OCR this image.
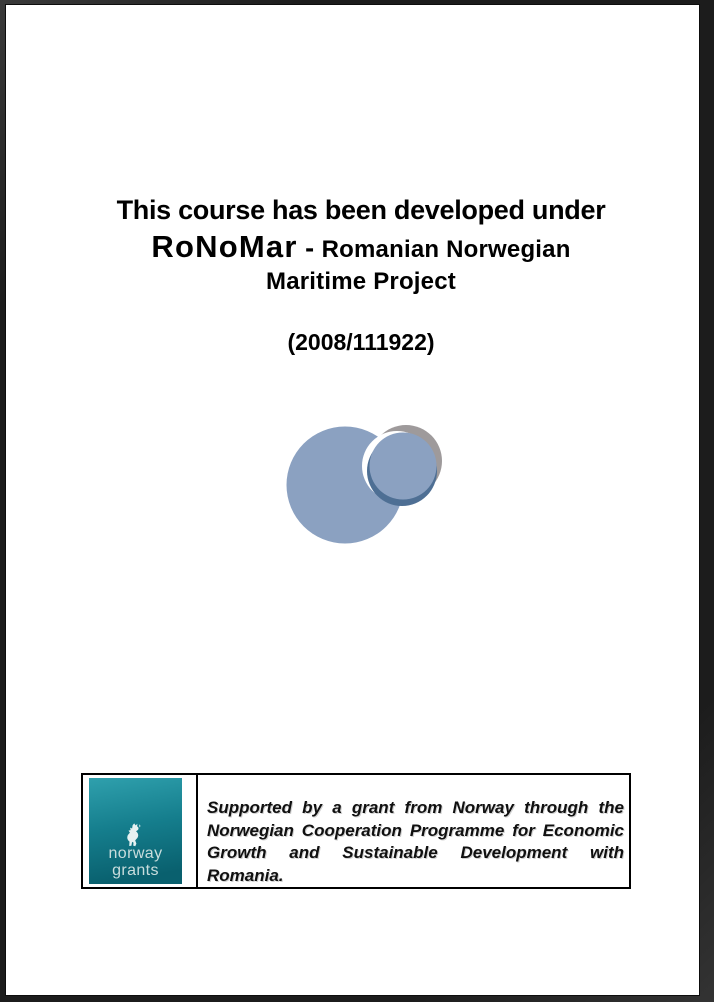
This course has been developed under
RoNoMar - Romanian Norwegian
Maritime Project
(2008/111922)
norway
grants
Supported by a grant from Norway through the
Norwegian Cooperation Programme for Economic
Growth and Sustainable Development with Romania.
